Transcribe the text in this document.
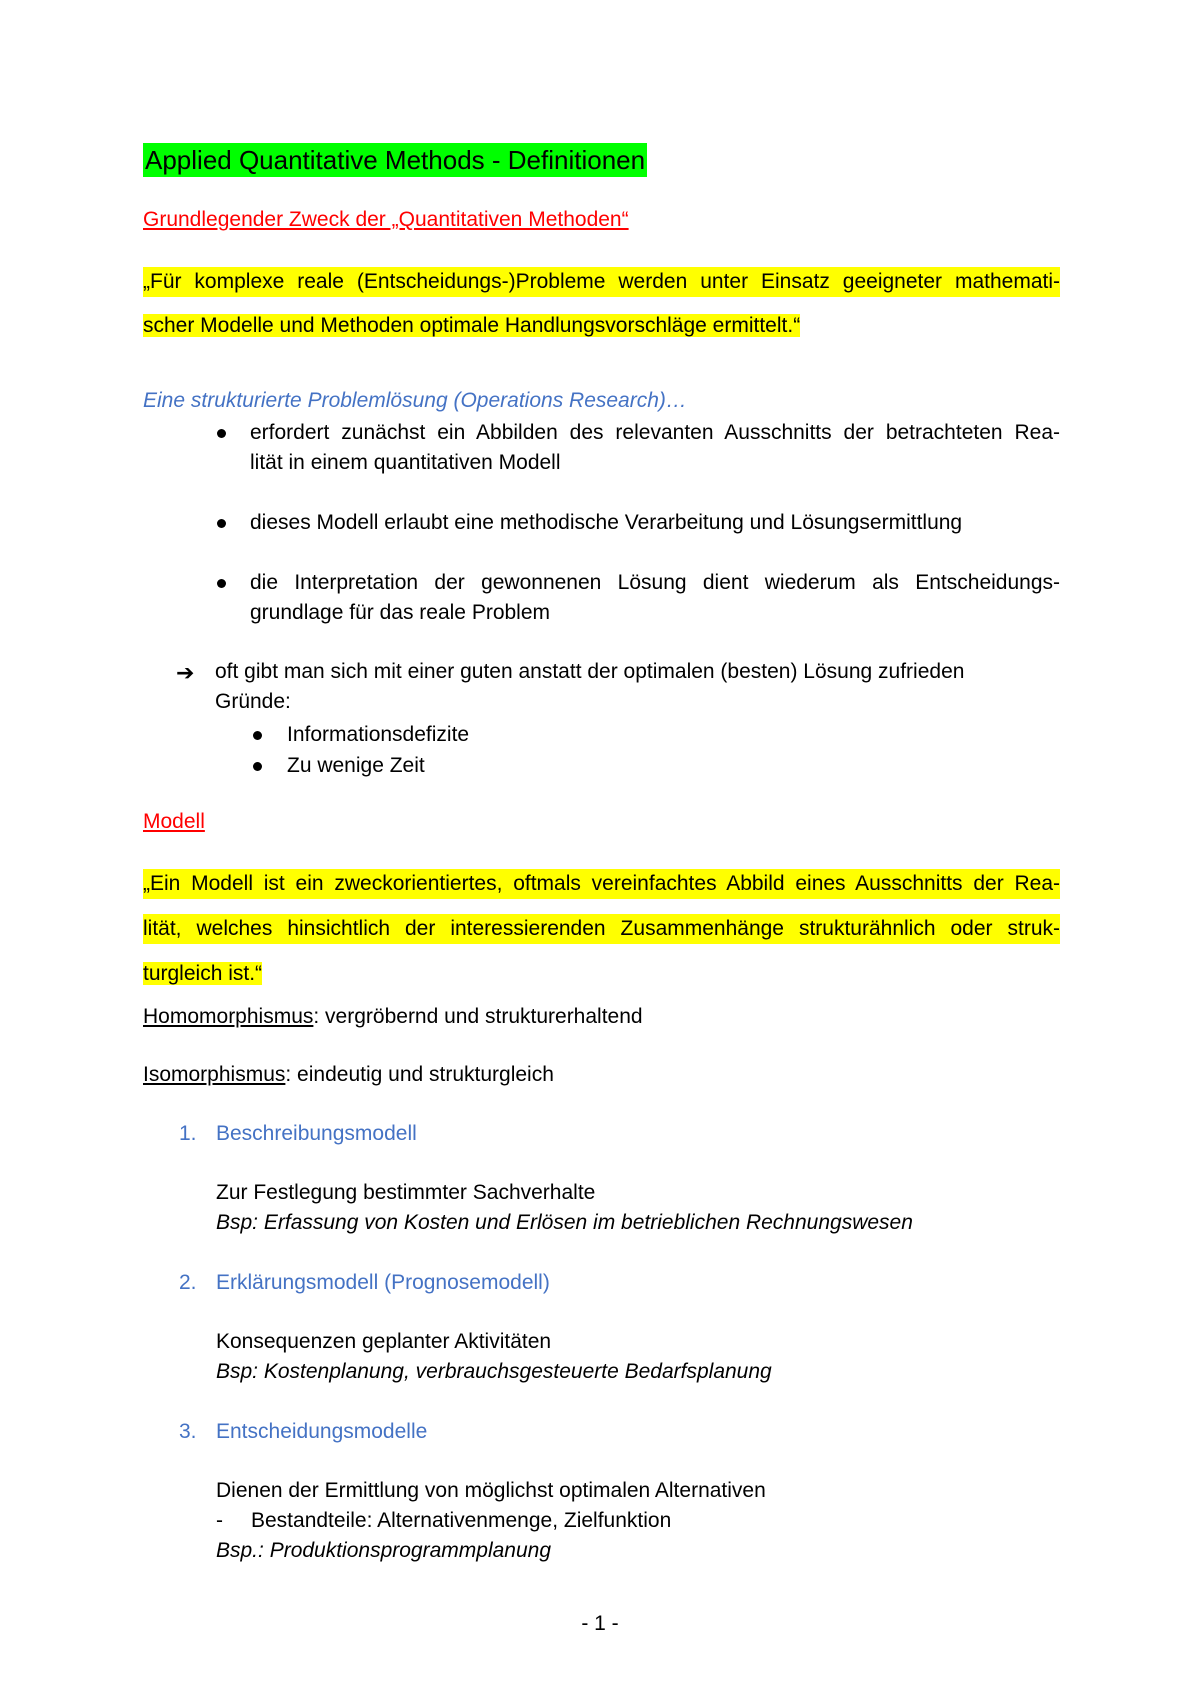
Applied Quantitative Methods - Definitionen
Grundlegender Zweck der „Quantitativen Methoden“
„Für komplexe reale (Entscheidungs-)Probleme werden unter Einsatz geeigneter mathemati-
scher Modelle und Methoden optimale Handlungsvorschläge ermittelt.“
Eine strukturierte Problemlösung (Operations Research)…
erfordert zunächst ein Abbilden des relevanten Ausschnitts der betrachteten Rea-
lität in einem quantitativen Modell
dieses Modell erlaubt eine methodische Verarbeitung und Lösungsermittlung
die Interpretation der gewonnenen Lösung dient wiederum als Entscheidungs-
grundlage für das reale Problem
➔ oft gibt man sich mit einer guten anstatt der optimalen (besten) Lösung zufrieden
Gründe:
Informationsdefizite
Zu wenige Zeit
Modell
„Ein Modell ist ein zweckorientiertes, oftmals vereinfachtes Abbild eines Ausschnitts der Rea-
lität, welches hinsichtlich der interessierenden Zusammenhänge strukturähnlich oder struk-
turgleich ist.“
Homomorphismus: vergröbernd und strukturerhaltend
Isomorphismus: eindeutig und strukturgleich
1. Beschreibungsmodell
Zur Festlegung bestimmter Sachverhalte
Bsp: Erfassung von Kosten und Erlösen im betrieblichen Rechnungswesen
2. Erklärungsmodell (Prognosemodell)
Konsequenzen geplanter Aktivitäten
Bsp: Kostenplanung, verbrauchsgesteuerte Bedarfsplanung
3. Entscheidungsmodelle
Dienen der Ermittlung von möglichst optimalen Alternativen
- Bestandteile: Alternativenmenge, Zielfunktion
Bsp.: Produktionsprogrammplanung
- 1 -
